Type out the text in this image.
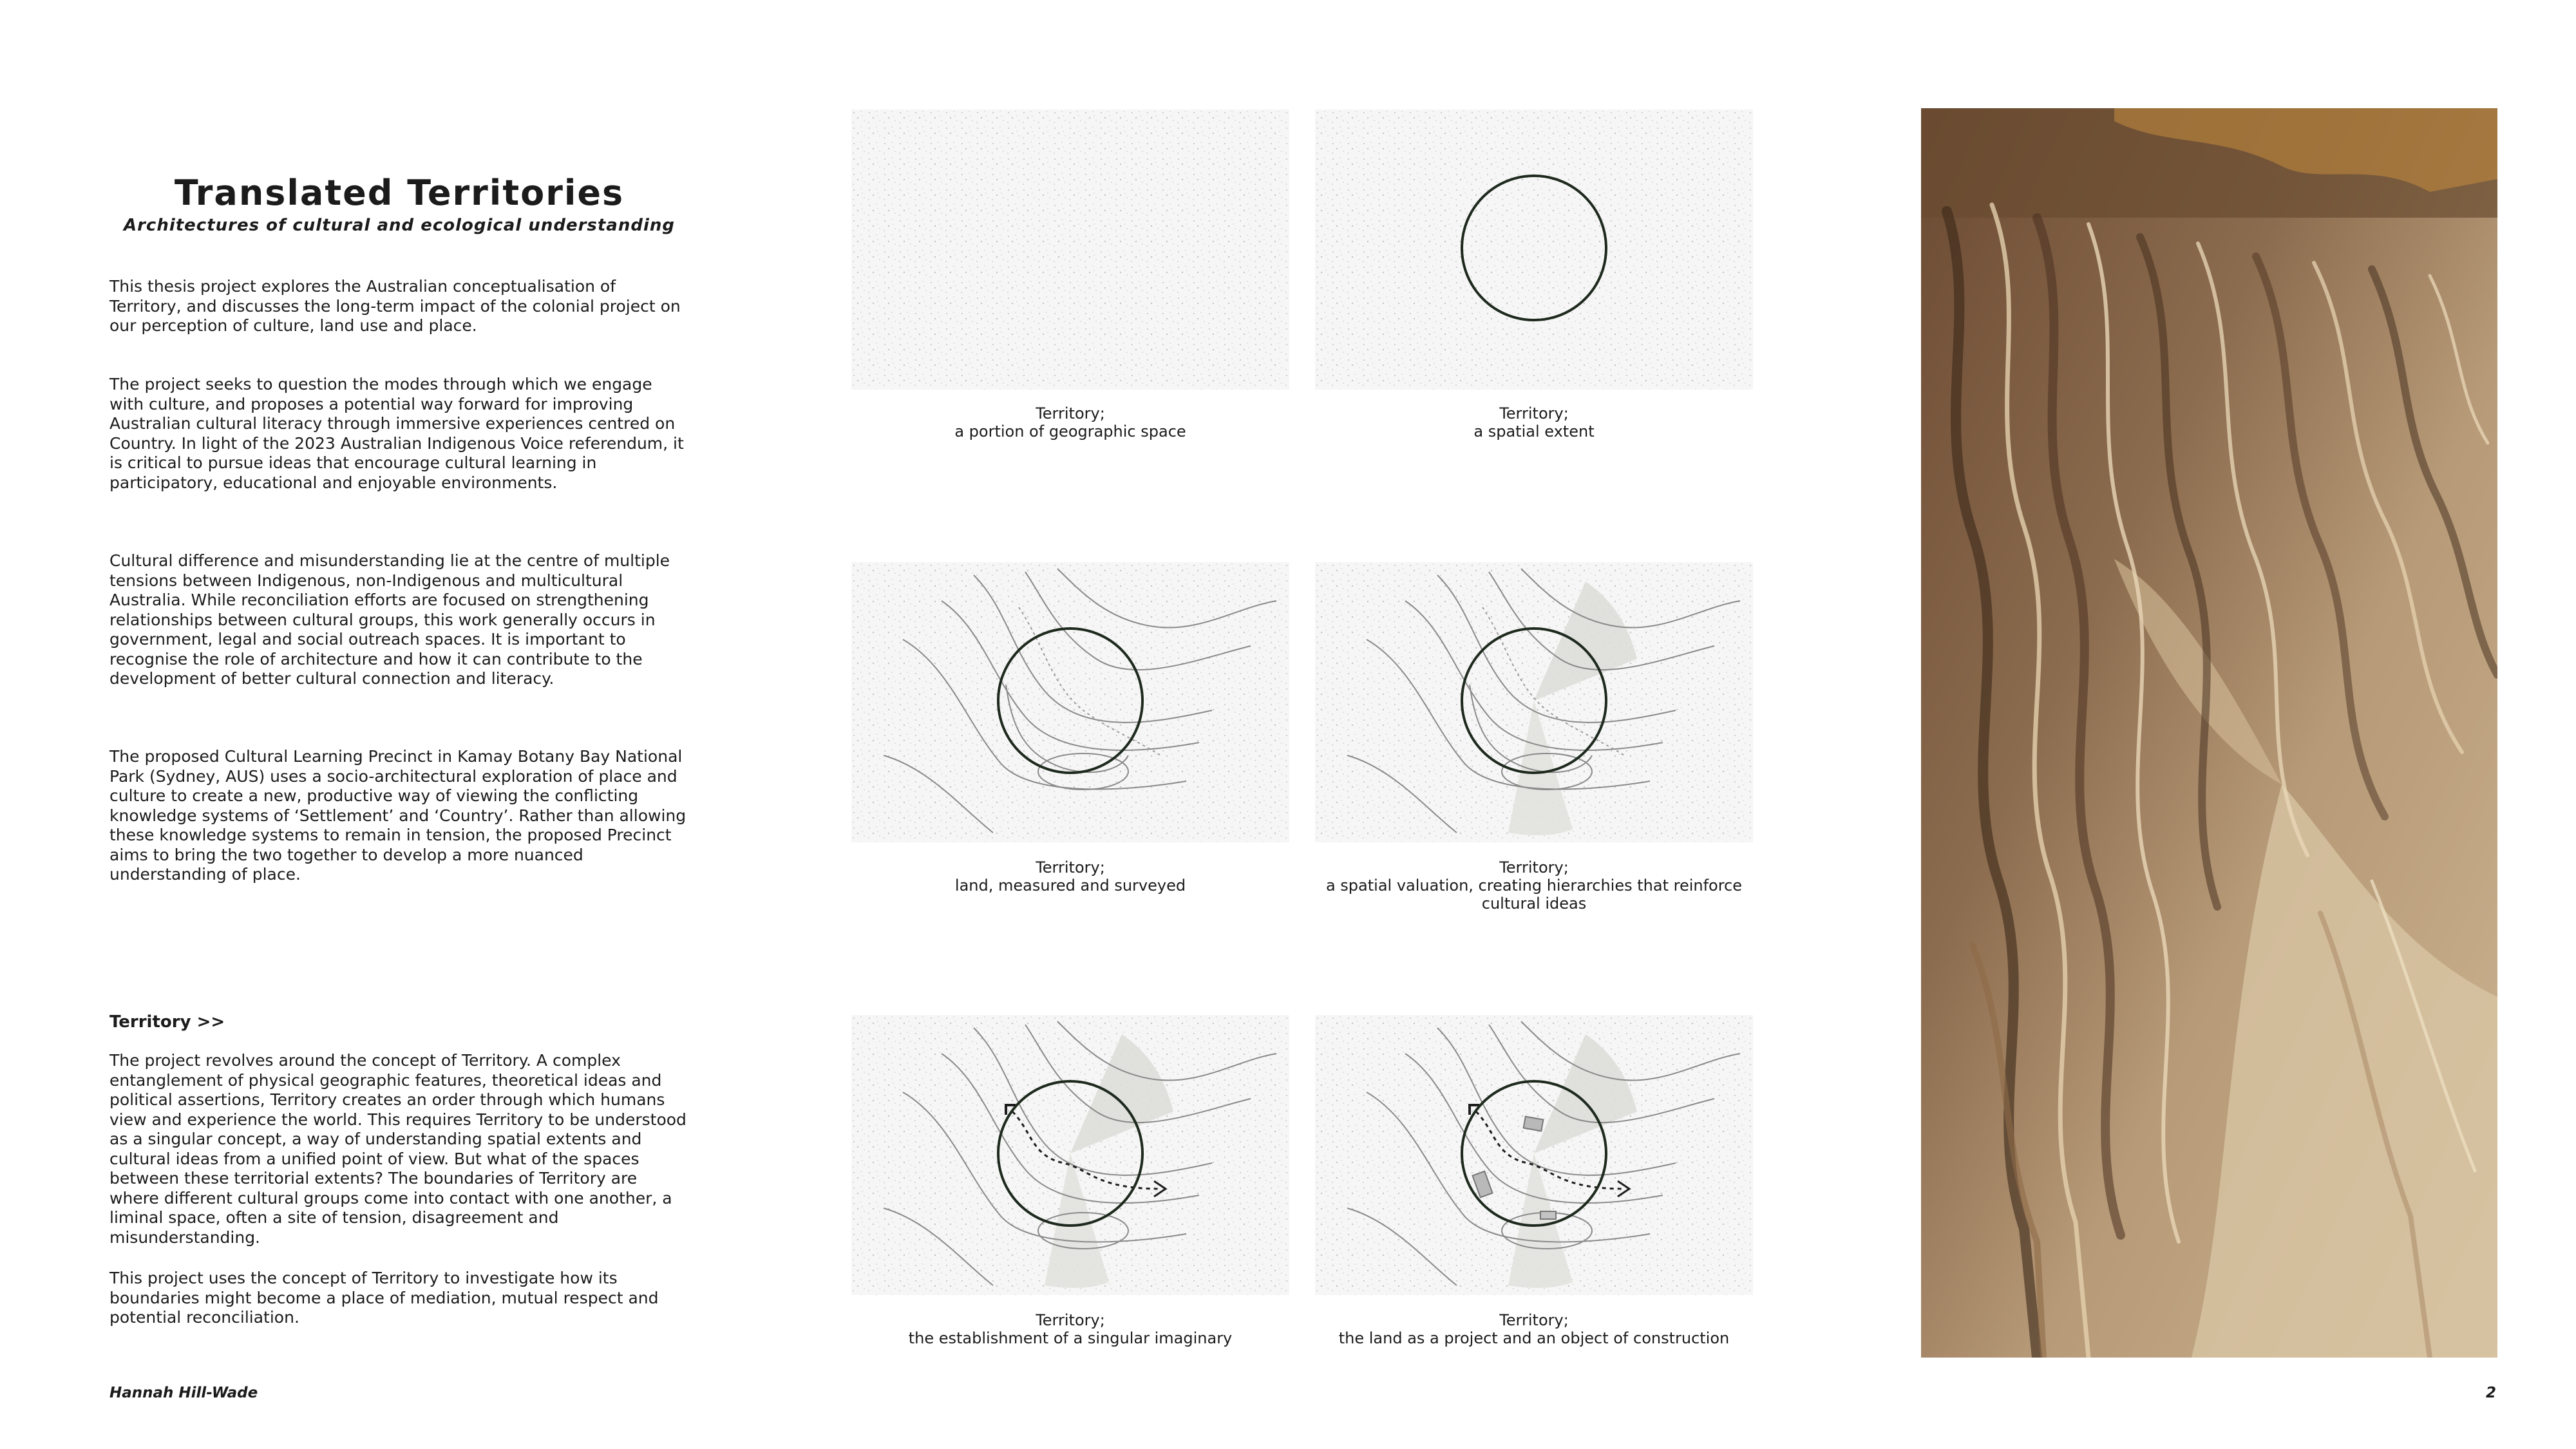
Translated Territories
Architectures of cultural and ecological understanding

This thesis project explores the Australian conceptualisation of Territory, and discusses the long-term impact of the colonial project on our perception of culture, land use and place.

The project seeks to question the modes through which we engage with culture, and proposes a potential way forward for improving Australian cultural literacy through immersive experiences centred on Country. In light of the 2023 Australian Indigenous Voice referendum, it is critical to pursue ideas that encourage cultural learning in participatory, educational and enjoyable environments.

Cultural difference and misunderstanding lie at the centre of multiple tensions between Indigenous, non-Indigenous and multicultural Australia. While reconciliation efforts are focused on strengthening relationships between cultural groups, this work generally occurs in government, legal and social outreach spaces. It is important to recognise the role of architecture and how it can contribute to the development of better cultural connection and literacy.

The proposed Cultural Learning Precinct in Kamay Botany Bay National Park (Sydney, AUS) uses a socio-architectural exploration of place and culture to create a new, productive way of viewing the conflicting knowledge systems of ‘Settlement’ and ‘Country’. Rather than allowing these knowledge systems to remain in tension, the proposed Precinct aims to bring the two together to develop a more nuanced understanding of place.

Territory >>

The project revolves around the concept of Territory. A complex entanglement of physical geographic features, theoretical ideas and political assertions, Territory creates an order through which humans view and experience the world. This requires Territory to be understood as a singular concept, a way of understanding spatial extents and cultural ideas from a unified point of view. But what of the spaces between these territorial extents? The boundaries of Territory are where different cultural groups come into contact with one another, a liminal space, often a site of tension, disagreement and misunderstanding.

This project uses the concept of Territory to investigate how its boundaries might become a place of mediation, mutual respect and potential reconciliation.

Hannah Hill-Wade	2
Territory;
a portion of geographic space
Territory;
a spatial extent
Territory;
land, measured and surveyed
Territory;
a spatial valuation, creating hierarchies that reinforce cultural ideas
Territory;
the establishment of a singular imaginary
Territory;
the land as a project and an object of construction
